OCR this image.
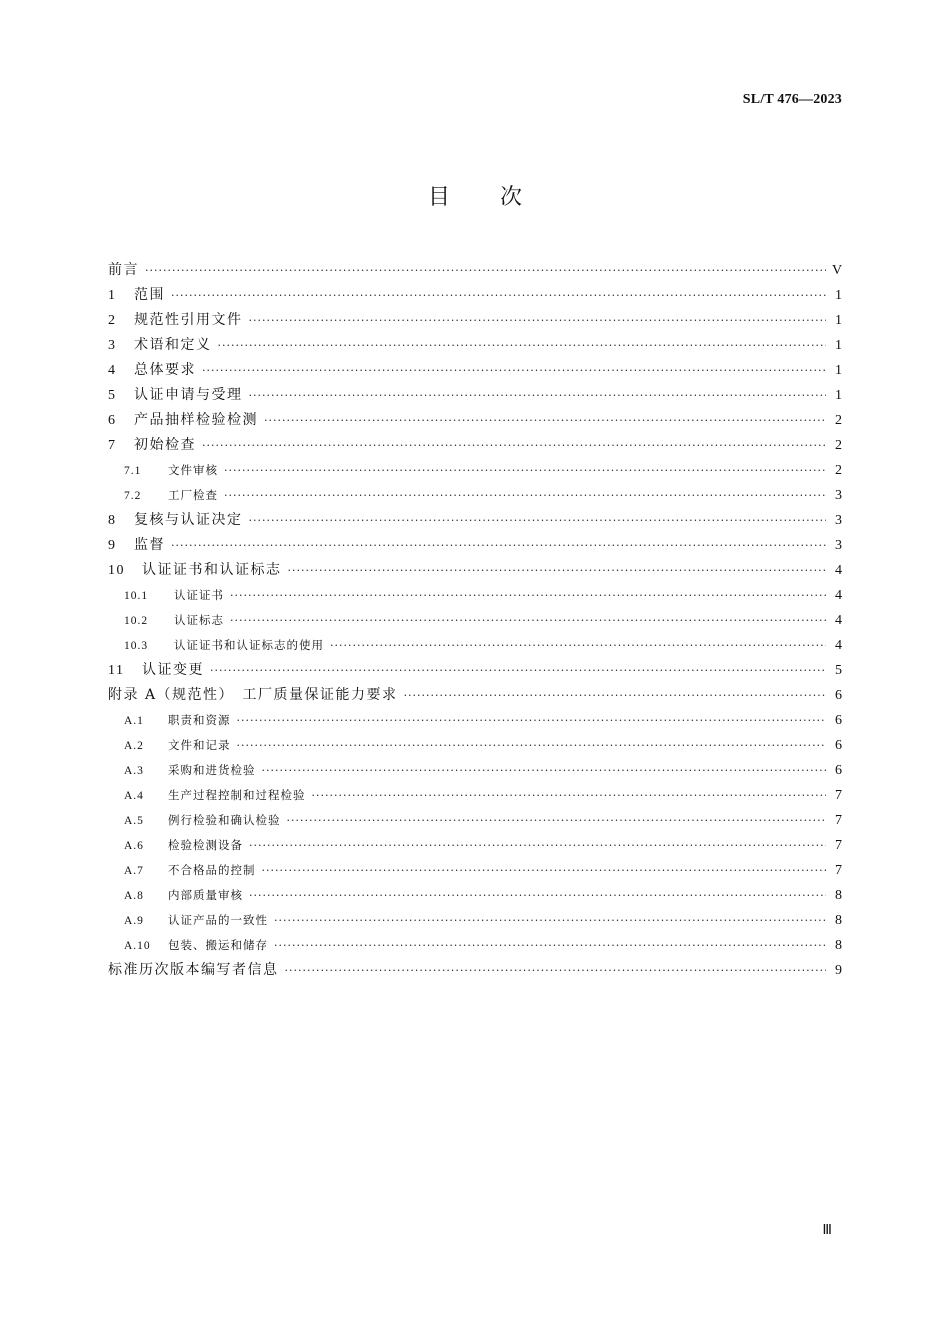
SL/T 476—2023
目 次
前言 ·····	V
1	范围 ·····	1
2	规范性引用文件 ·····	1
3	术语和定义 ·····	1
4	总体要求 ·····	1
5	认证申请与受理 ·····	1
6	产品抽样检验检测 ·····	2
7	初始检查 ·····	2
7.1	文件审核 ·····	2
7.2	工厂检查 ·····	3
8	复核与认证决定 ·····	3
9	监督 ·····	3
10	认证证书和认证标志 ·····	4
10.1	认证证书 ·····	4
10.2	认证标志 ·····	4
10.3	认证证书和认证标志的使用 ·····	4
11	认证变更 ·····	5
附录 A（规范性）　工厂质量保证能力要求 ·····	6
A.1	职责和资源 ·····	6
A.2	文件和记录 ·····	6
A.3	采购和进货检验 ·····	6
A.4	生产过程控制和过程检验 ·····	7
A.5	例行检验和确认检验 ·····	7
A.6	检验检测设备 ·····	7
A.7	不合格品的控制 ·····	7
A.8	内部质量审核 ·····	8
A.9	认证产品的一致性 ·····	8
A.10	包装、搬运和储存 ·····	8
标准历次版本编写者信息 ·····	9
Ⅲ
